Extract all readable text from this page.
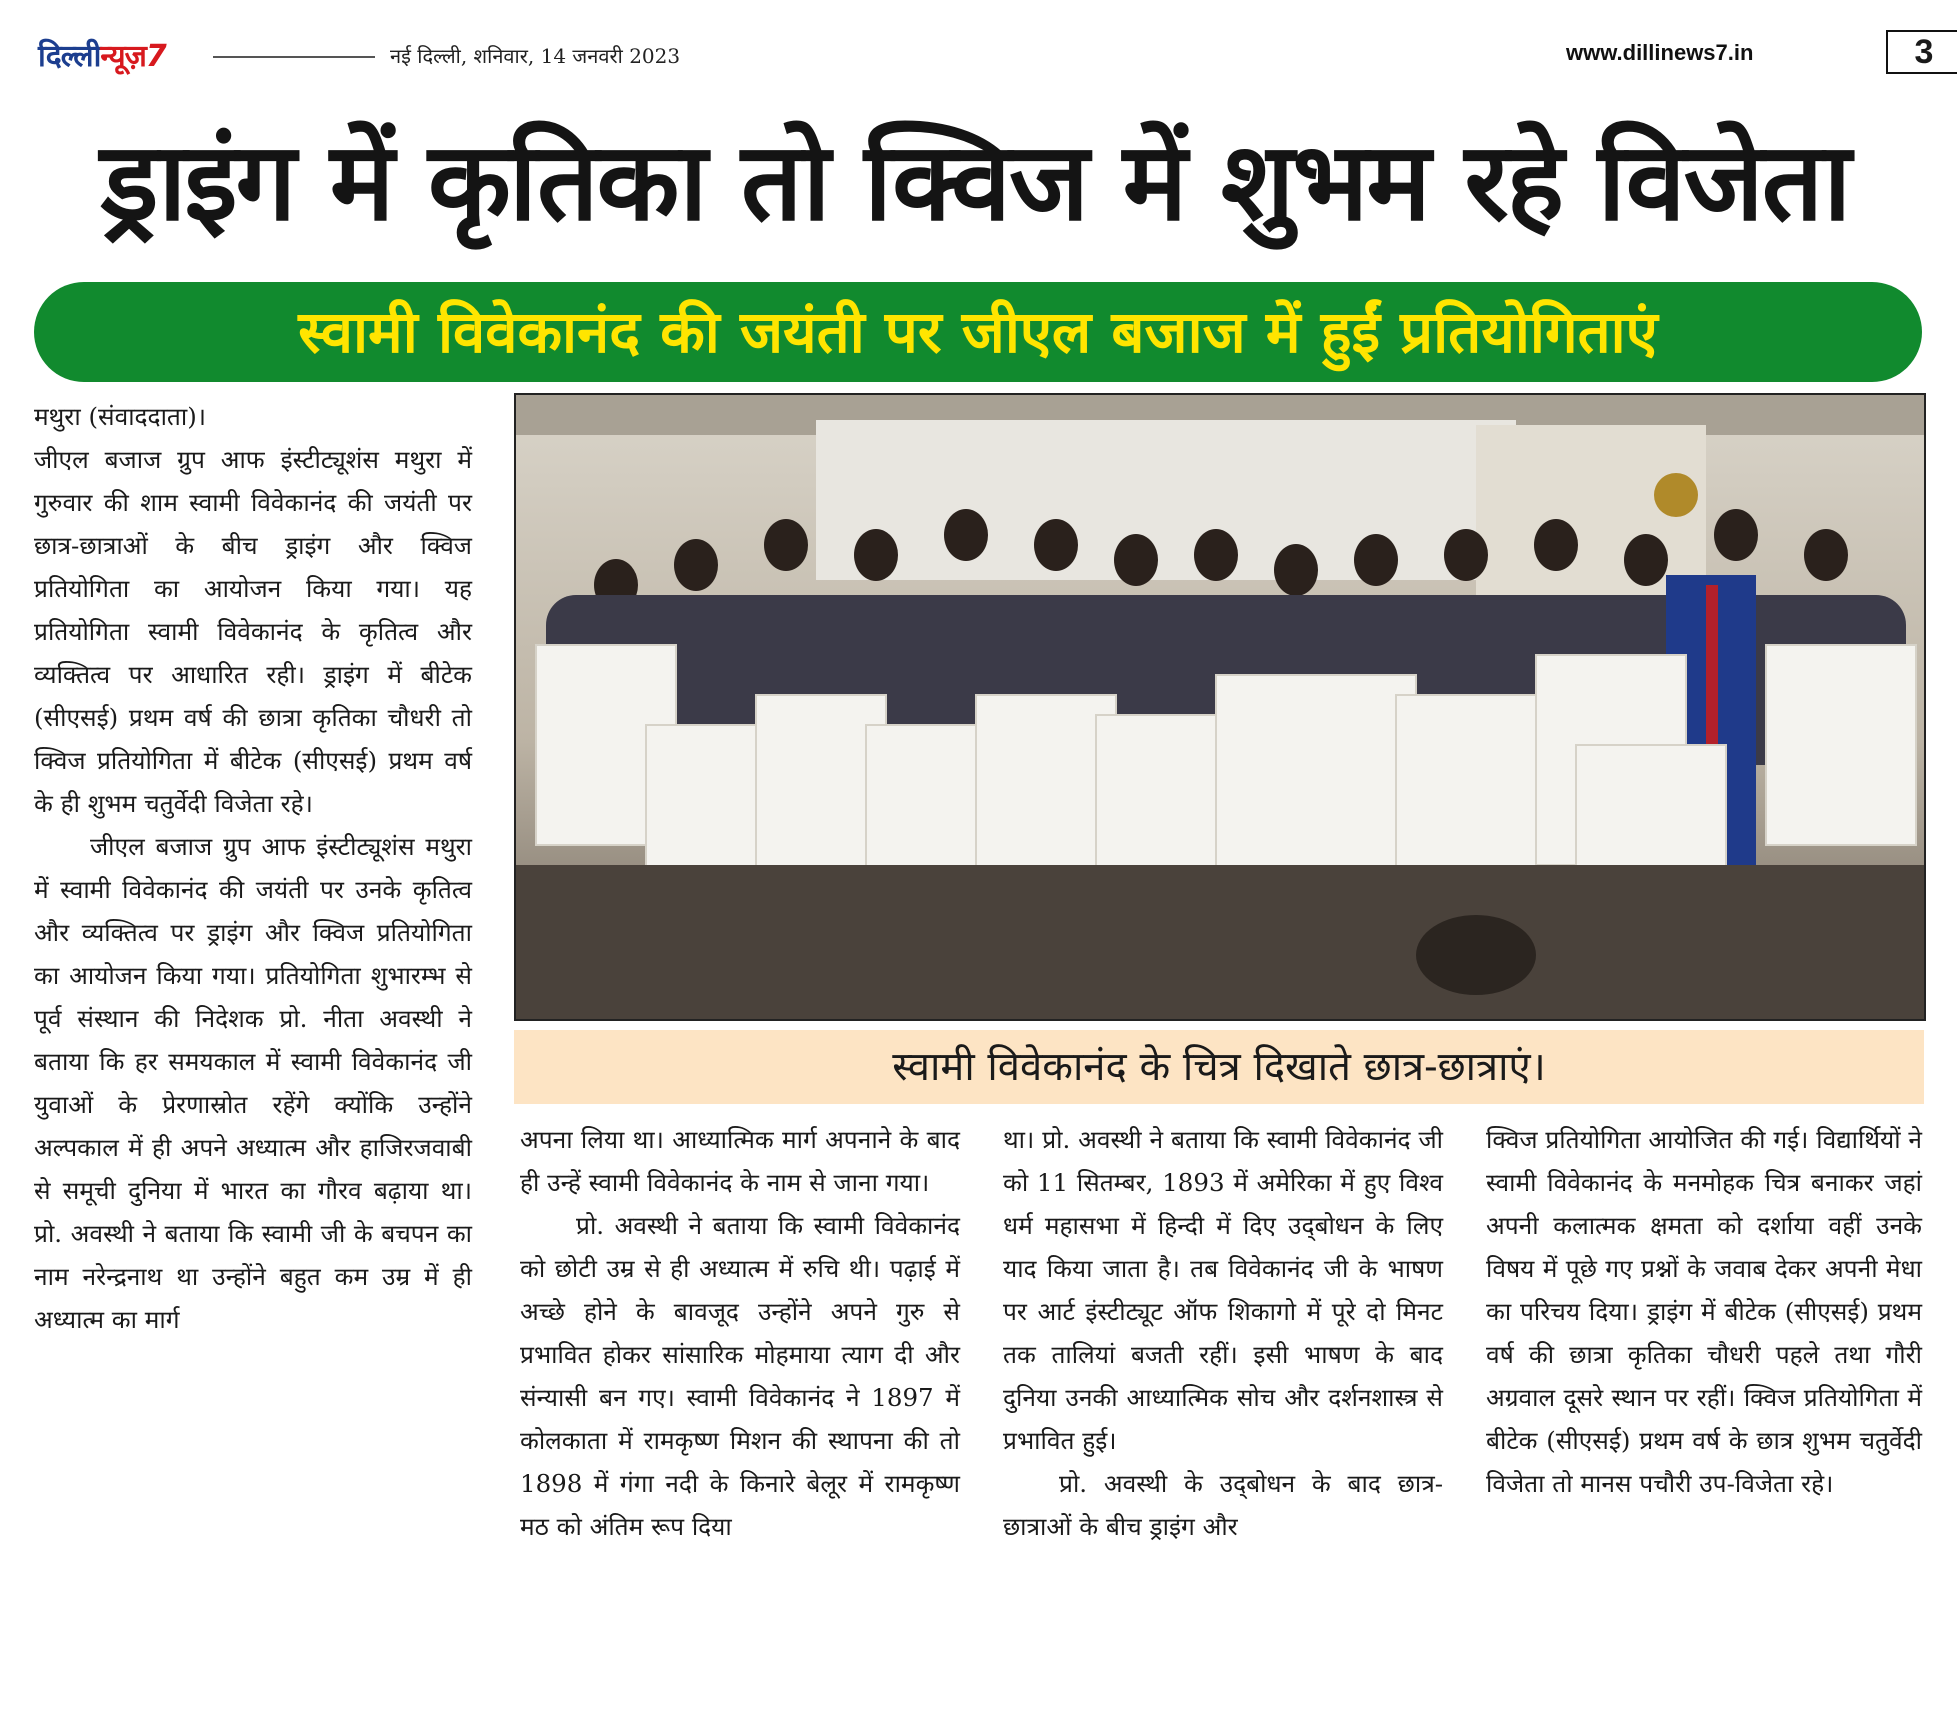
दिल्लीन्यूज़7	नई दिल्ली, शनिवार, 14 जनवरी 2023	www.dillinews7.in	3
ड्राइंग में कृतिका तो क्विज में शुभम रहे विजेता
स्वामी विवेकानंद की जयंती पर जीएल बजाज में हुईं प्रतियोगिताएं

मथुरा (संवाददाता)।

जीएल बजाज ग्रुप आफ इंस्टीट्यूशंस मथुरा में गुरुवार की शाम स्वामी विवेकानंद की जयंती पर छात्र-छात्राओं के बीच ड्राइंग और क्विज प्रतियोगिता का आयोजन किया गया। यह प्रतियोगिता स्वामी विवेकानंद के कृतित्व और व्यक्तित्व पर आधारित रही। ड्राइंग में बीटेक (सीएसई) प्रथम वर्ष की छात्रा कृतिका चौधरी तो क्विज प्रतियोगिता में बीटेक (सीएसई) प्रथम वर्ष के ही शुभम चतुर्वेदी विजेता रहे।

जीएल बजाज ग्रुप आफ इंस्टीट्यूशंस मथुरा में स्वामी विवेकानंद की जयंती पर उनके कृतित्व और व्यक्तित्व पर ड्राइंग और क्विज प्रतियोगिता का आयोजन किया गया। प्रतियोगिता शुभारम्भ से पूर्व संस्थान की निदेशक प्रो. नीता अवस्थी ने बताया कि हर समयकाल में स्वामी विवेकानंद जी युवाओं के प्रेरणास्रोत रहेंगे क्योंकि उन्होंने अल्पकाल में ही अपने अध्यात्म और हाजिरजवाबी से समूची दुनिया में भारत का गौरव बढ़ाया था। प्रो. अवस्थी ने बताया कि स्वामी जी के बचपन का नाम नरेन्द्रनाथ था उन्होंने बहुत कम उम्र में ही अध्यात्म का मार्ग

स्वामी विवेकानंद के चित्र दिखाते छात्र-छात्राएं।

अपना लिया था। आध्यात्मिक मार्ग अपनाने के बाद ही उन्हें स्वामी विवेकानंद के नाम से जाना गया।

प्रो. अवस्थी ने बताया कि स्वामी विवेकानंद को छोटी उम्र से ही अध्यात्म में रुचि थी। पढ़ाई में अच्छे होने के बावजूद उन्होंने अपने गुरु से प्रभावित होकर सांसारिक मोहमाया त्याग दी और संन्यासी बन गए। स्वामी विवेकानंद ने 1897 में कोलकाता में रामकृष्ण मिशन की स्थापना की तो 1898 में गंगा नदी के किनारे बेलूर में रामकृष्ण मठ को अंतिम रूप दिया

था। प्रो. अवस्थी ने बताया कि स्वामी विवेकानंद जी को 11 सितम्बर, 1893 में अमेरिका में हुए विश्व धर्म महासभा में हिन्दी में दिए उद्‌बोधन के लिए याद किया जाता है। तब विवेकानंद जी के भाषण पर आर्ट इंस्टीट्यूट ऑफ शिकागो में पूरे दो मिनट तक तालियां बजती रहीं। इसी भाषण के बाद दुनिया उनकी आध्यात्मिक सोच और दर्शनशास्त्र से प्रभावित हुई।

प्रो. अवस्थी के उद्‌बोधन के बाद छात्र-छात्राओं के बीच ड्राइंग और

क्विज प्रतियोगिता आयोजित की गई। विद्यार्थियों ने स्वामी विवेकानंद के मनमोहक चित्र बनाकर जहां अपनी कलात्मक क्षमता को दर्शाया वहीं उनके विषय में पूछे गए प्रश्नों के जवाब देकर अपनी मेधा का परिचय दिया। ड्राइंग में बीटेक (सीएसई) प्रथम वर्ष की छात्रा कृतिका चौधरी पहले तथा गौरी अग्रवाल दूसरे स्थान पर रहीं। क्विज प्रतियोगिता में बीटेक (सीएसई) प्रथम वर्ष के छात्र शुभम चतुर्वेदी विजेता तो मानस पचौरी उप-विजेता रहे।
